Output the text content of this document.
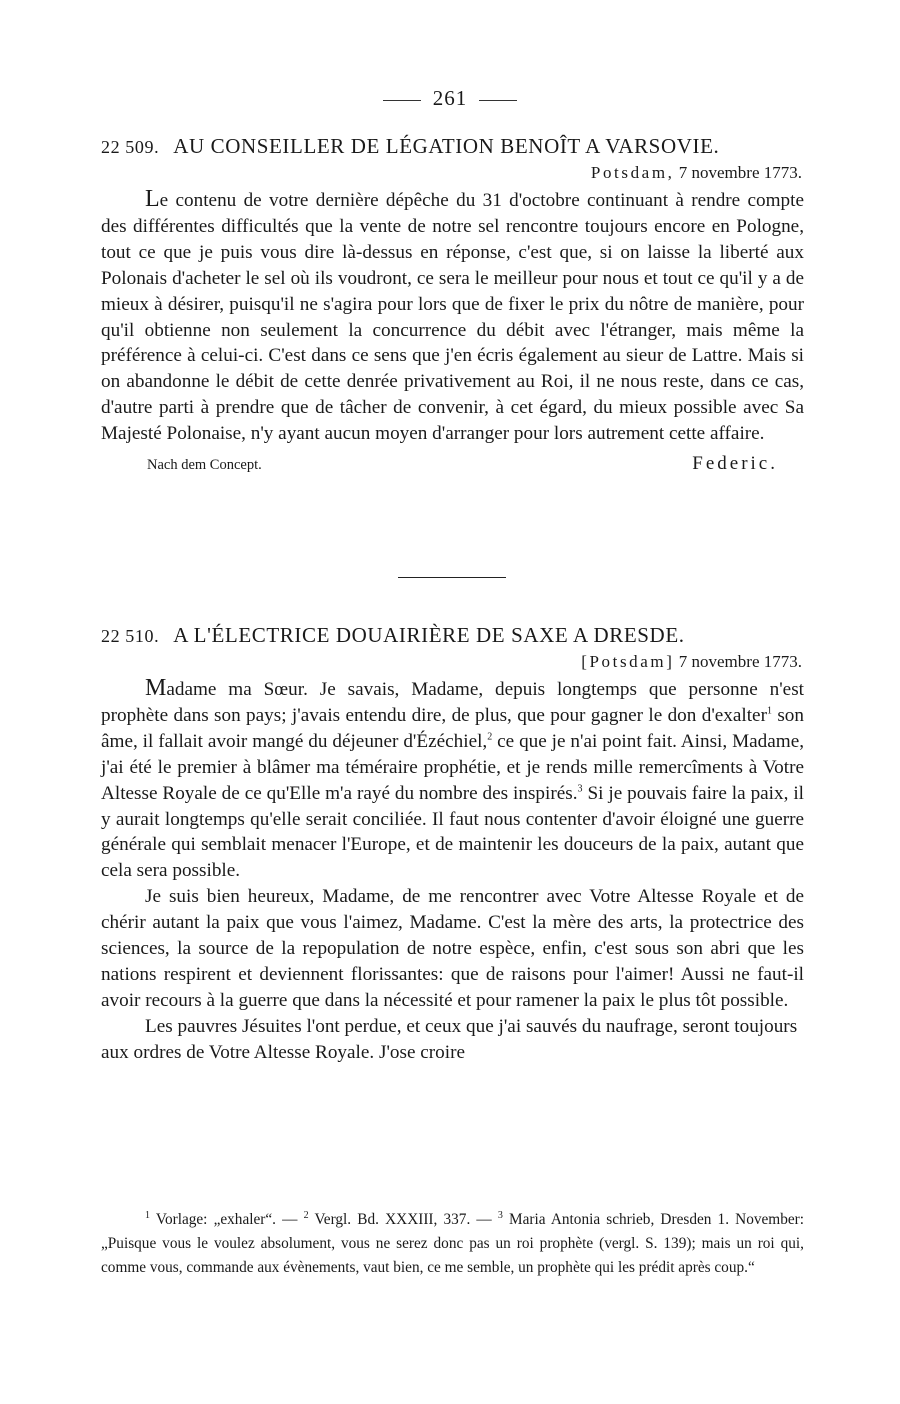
261
22 509. AU CONSEILLER DE LÉGATION BENOÎT A VARSOVIE.
Potsdam, 7 novembre 1773.

Le contenu de votre dernière dépêche du 31 d'octobre continuant à rendre compte des différentes difficultés que la vente de notre sel rencontre toujours encore en Pologne, tout ce que je puis vous dire là-dessus en réponse, c'est que, si on laisse la liberté aux Polonais d'acheter le sel où ils voudront, ce sera le meilleur pour nous et tout ce qu'il y a de mieux à désirer, puisqu'il ne s'agira pour lors que de fixer le prix du nôtre de manière, pour qu'il obtienne non seulement la concurrence du débit avec l'étranger, mais même la préférence à celui-ci. C'est dans ce sens que j'en écris également au sieur de Lattre. Mais si on abandonne le débit de cette denrée privativement au Roi, il ne nous reste, dans ce cas, d'autre parti à prendre que de tâcher de convenir, à cet égard, du mieux possible avec Sa Majesté Polonaise, n'y ayant aucun moyen d'arranger pour lors autrement cette affaire.

Nach dem Concept.	Federic.
22 510. A L'ÉLECTRICE DOUAIRIÈRE DE SAXE A DRESDE.
[Potsdam] 7 novembre 1773.

Madame ma Sœur. Je savais, Madame, depuis longtemps que personne n'est prophète dans son pays; j'avais entendu dire, de plus, que pour gagner le don d'exalter$^1$ son âme, il fallait avoir mangé du déjeuner d'Ézéchiel,$^2$ ce que je n'ai point fait. Ainsi, Madame, j'ai été le premier à blâmer ma téméraire prophétie, et je rends mille remercîments à Votre Altesse Royale de ce qu'Elle m'a rayé du nombre des inspirés.$^3$ Si je pouvais faire la paix, il y aurait longtemps qu'elle serait conciliée. Il faut nous contenter d'avoir éloigné une guerre générale qui semblait menacer l'Europe, et de maintenir les douceurs de la paix, autant que cela sera possible.

Je suis bien heureux, Madame, de me rencontrer avec Votre Altesse Royale et de chérir autant la paix que vous l'aimez, Madame. C'est la mère des arts, la protectrice des sciences, la source de la repopulation de notre espèce, enfin, c'est sous son abri que les nations respirent et deviennent florissantes: que de raisons pour l'aimer! Aussi ne faut-il avoir recours à la guerre que dans la nécessité et pour ramener la paix le plus tôt possible.

Les pauvres Jésuites l'ont perdue, et ceux que j'ai sauvés du naufrage, seront toujours aux ordres de Votre Altesse Royale. J'ose croire

$^1$ Vorlage: „exhaler“. — $^2$ Vergl. Bd. XXXIII, 337. — $^3$ Maria Antonia schrieb, Dresden 1. November: „Puisque vous le voulez absolument, vous ne serez donc pas un roi prophète (vergl. S. 139); mais un roi qui, comme vous, commande aux évènements, vaut bien, ce me semble, un prophète qui les prédit après coup.“
